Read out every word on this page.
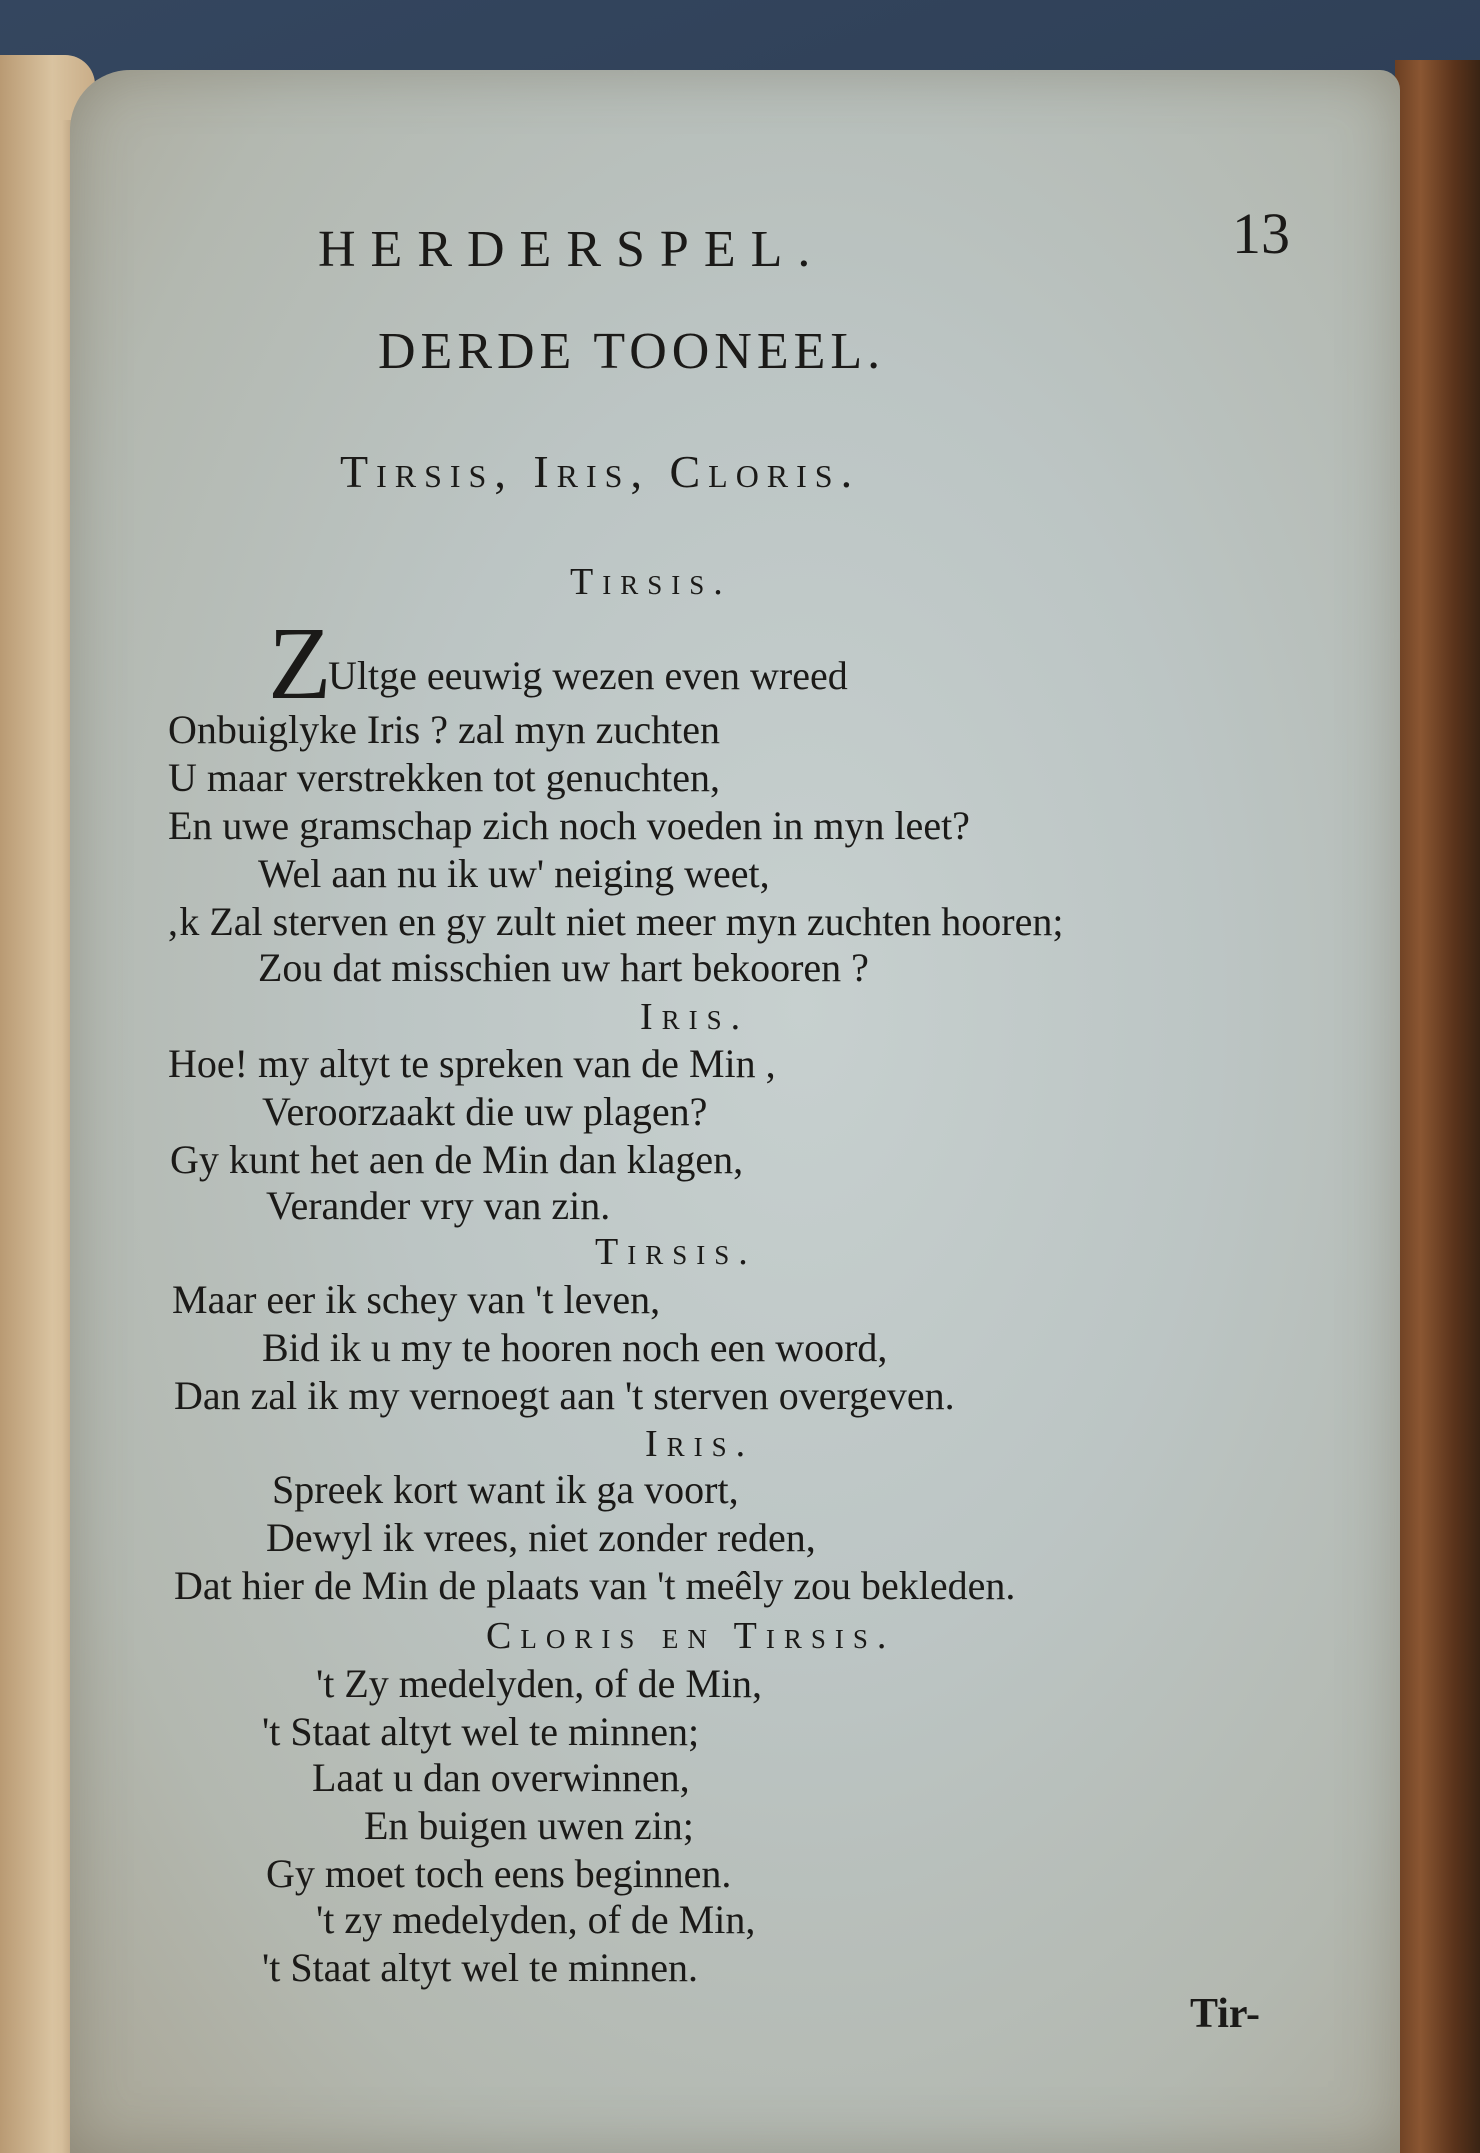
HERDERSPEL.	13
DERDE TOONEEL.
Tirsis, Iris, Cloris.
Tirsis.
Z
Ultge eeuwig wezen even wreed
Onbuiglyke Iris ? zal myn zuchten
U maar verstrekken tot genuchten,
En uwe gramschap zich noch voeden in myn leet?
Wel aan nu ik uw' neiging weet,
‚k Zal sterven en gy zult niet meer myn zuchten hooren;
Zou dat misschien uw hart bekooren ?
Iris.
Hoe! my altyt te spreken van de Min ,
Veroorzaakt die uw plagen?
Gy kunt het aen de Min dan klagen,
Verander vry van zin.
Tirsis.
Maar eer ik schey van 't leven,
Bid ik u my te hooren noch een woord,
Dan zal ik my vernoegt aan 't sterven overgeven.
Iris.
Spreek kort want ik ga voort,
Dewyl ik vrees, niet zonder reden,
Dat hier de Min de plaats van 't meêly zou bekleden.
Cloris en Tirsis.
't Zy medelyden, of de Min,
't Staat altyt wel te minnen;
Laat u dan overwinnen,
En buigen uwen zin;
Gy moet toch eens beginnen.
't zy medelyden, of de Min,
't Staat altyt wel te minnen.
Tir-
